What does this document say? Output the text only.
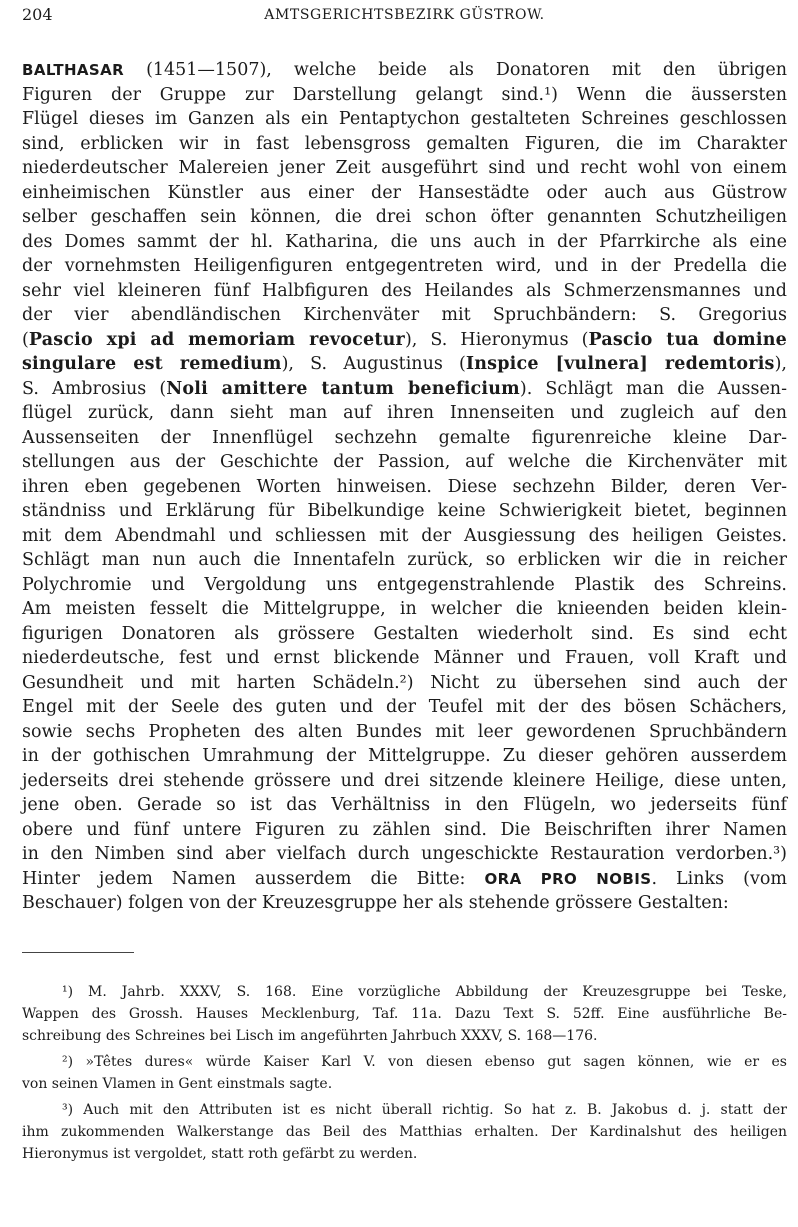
204	AMTSGERICHTSBEZIRK GÜSTROW.
BALTHASAR (1451—1507), welche beide als Donatoren mit den übrigen
Figuren der Gruppe zur Darstellung gelangt sind.¹) Wenn die äussersten
Flügel dieses im Ganzen als ein Pentaptychon gestalteten Schreines geschlossen
sind, erblicken wir in fast lebensgross gemalten Figuren, die im Charakter
niederdeutscher Malereien jener Zeit ausgeführt sind und recht wohl von einem
einheimischen Künstler aus einer der Hansestädte oder auch aus Güstrow
selber geschaffen sein können, die drei schon öfter genannten Schutzheiligen
des Domes sammt der hl. Katharina, die uns auch in der Pfarrkirche als eine
der vornehmsten Heiligenfiguren entgegentreten wird, und in der Predella die
sehr viel kleineren fünf Halbfiguren des Heilandes als Schmerzensmannes und
der vier abendländischen Kirchenväter mit Spruchbändern: S. Gregorius
(Pascio xpi ad memoriam revocetur), S. Hieronymus (Pascio tua domine
singulare est remedium), S. Augustinus (Inspice [vulnera] redemtoris),
S. Ambrosius (Noli amittere tantum beneficium). Schlägt man die Aussen-
flügel zurück, dann sieht man auf ihren Innenseiten und zugleich auf den
Aussenseiten der Innenflügel sechzehn gemalte figurenreiche kleine Dar-
stellungen aus der Geschichte der Passion, auf welche die Kirchenväter mit
ihren eben gegebenen Worten hinweisen. Diese sechzehn Bilder, deren Ver-
ständniss und Erklärung für Bibelkundige keine Schwierigkeit bietet, beginnen
mit dem Abendmahl und schliessen mit der Ausgiessung des heiligen Geistes.
Schlägt man nun auch die Innentafeln zurück, so erblicken wir die in reicher
Polychromie und Vergoldung uns entgegenstrahlende Plastik des Schreins.
Am meisten fesselt die Mittelgruppe, in welcher die knieenden beiden klein-
figurigen Donatoren als grössere Gestalten wiederholt sind. Es sind echt
niederdeutsche, fest und ernst blickende Männer und Frauen, voll Kraft und
Gesundheit und mit harten Schädeln.²) Nicht zu übersehen sind auch der
Engel mit der Seele des guten und der Teufel mit der des bösen Schächers,
sowie sechs Propheten des alten Bundes mit leer gewordenen Spruchbändern
in der gothischen Umrahmung der Mittelgruppe. Zu dieser gehören ausserdem
jederseits drei stehende grössere und drei sitzende kleinere Heilige, diese unten,
jene oben. Gerade so ist das Verhältniss in den Flügeln, wo jederseits fünf
obere und fünf untere Figuren zu zählen sind. Die Beischriften ihrer Namen
in den Nimben sind aber vielfach durch ungeschickte Restauration verdorben.³)
Hinter jedem Namen ausserdem die Bitte: ORA PRO NOBIS. Links (vom
Beschauer) folgen von der Kreuzesgruppe her als stehende grössere Gestalten:
¹) M. Jahrb. XXXV, S. 168. Eine vorzügliche Abbildung der Kreuzesgruppe bei Teske,
Wappen des Grossh. Hauses Mecklenburg, Taf. 11a. Dazu Text S. 52ff. Eine ausführliche Be-
schreibung des Schreines bei Lisch im angeführten Jahrbuch XXXV, S. 168—176.
²) »Têtes dures« würde Kaiser Karl V. von diesen ebenso gut sagen können, wie er es
von seinen Vlamen in Gent einstmals sagte.
³) Auch mit den Attributen ist es nicht überall richtig. So hat z. B. Jakobus d. j. statt der
ihm zukommenden Walkerstange das Beil des Matthias erhalten. Der Kardinalshut des heiligen
Hieronymus ist vergoldet, statt roth gefärbt zu werden.
